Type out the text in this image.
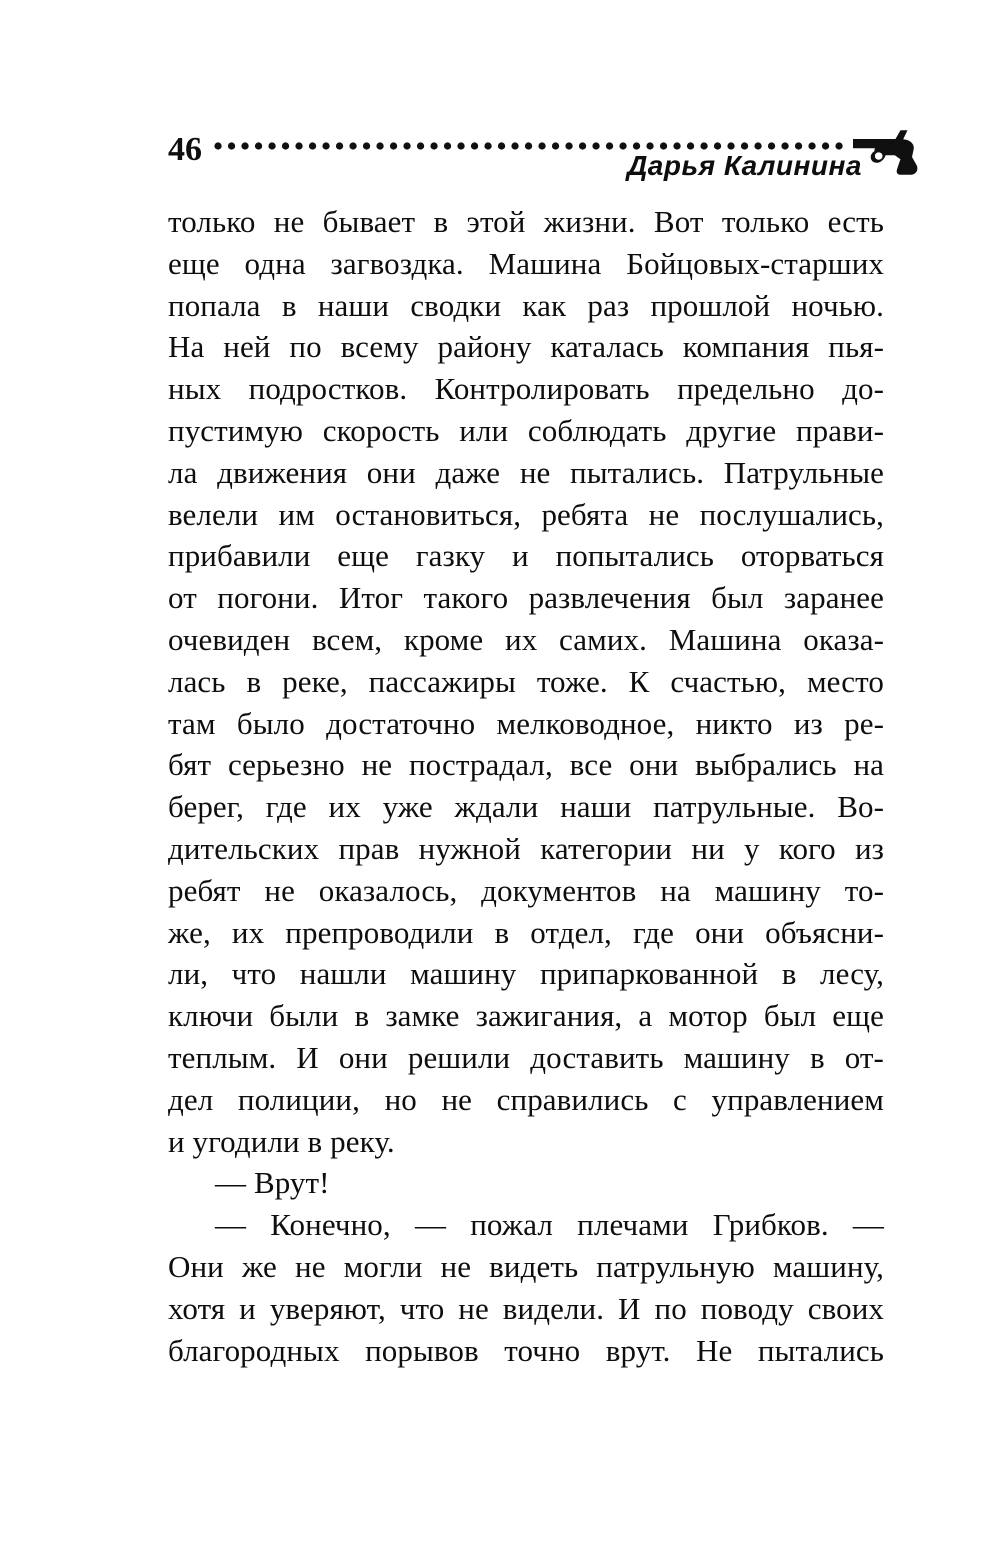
46	Дарья Калинина
только не бывает в этой жизни. Вот только есть
еще одна загвоздка. Машина Бойцовых-старших
попала в наши сводки как раз прошлой ночью.
На ней по всему району каталась компания пья-
ных подростков. Контролировать предельно до-
пустимую скорость или соблюдать другие прави-
ла движения они даже не пытались. Патрульные
велели им остановиться, ребята не послушались,
прибавили еще газку и попытались оторваться
от погони. Итог такого развлечения был заранее
очевиден всем, кроме их самих. Машина оказа-
лась в реке, пассажиры тоже. К счастью, место
там было достаточно мелководное, никто из ре-
бят серьезно не пострадал, все они выбрались на
берег, где их уже ждали наши патрульные. Во-
дительских прав нужной категории ни у кого из
ребят не оказалось, документов на машину то-
же, их препроводили в отдел, где они объясни-
ли, что нашли машину припаркованной в лесу,
ключи были в замке зажигания, а мотор был еще
теплым. И они решили доставить машину в от-
дел полиции, но не справились с управлением
и угодили в реку.
— Врут!
— Конечно, — пожал плечами Грибков. —
Они же не могли не видеть патрульную машину,
хотя и уверяют, что не видели. И по поводу своих
благородных порывов точно врут. Не пытались
